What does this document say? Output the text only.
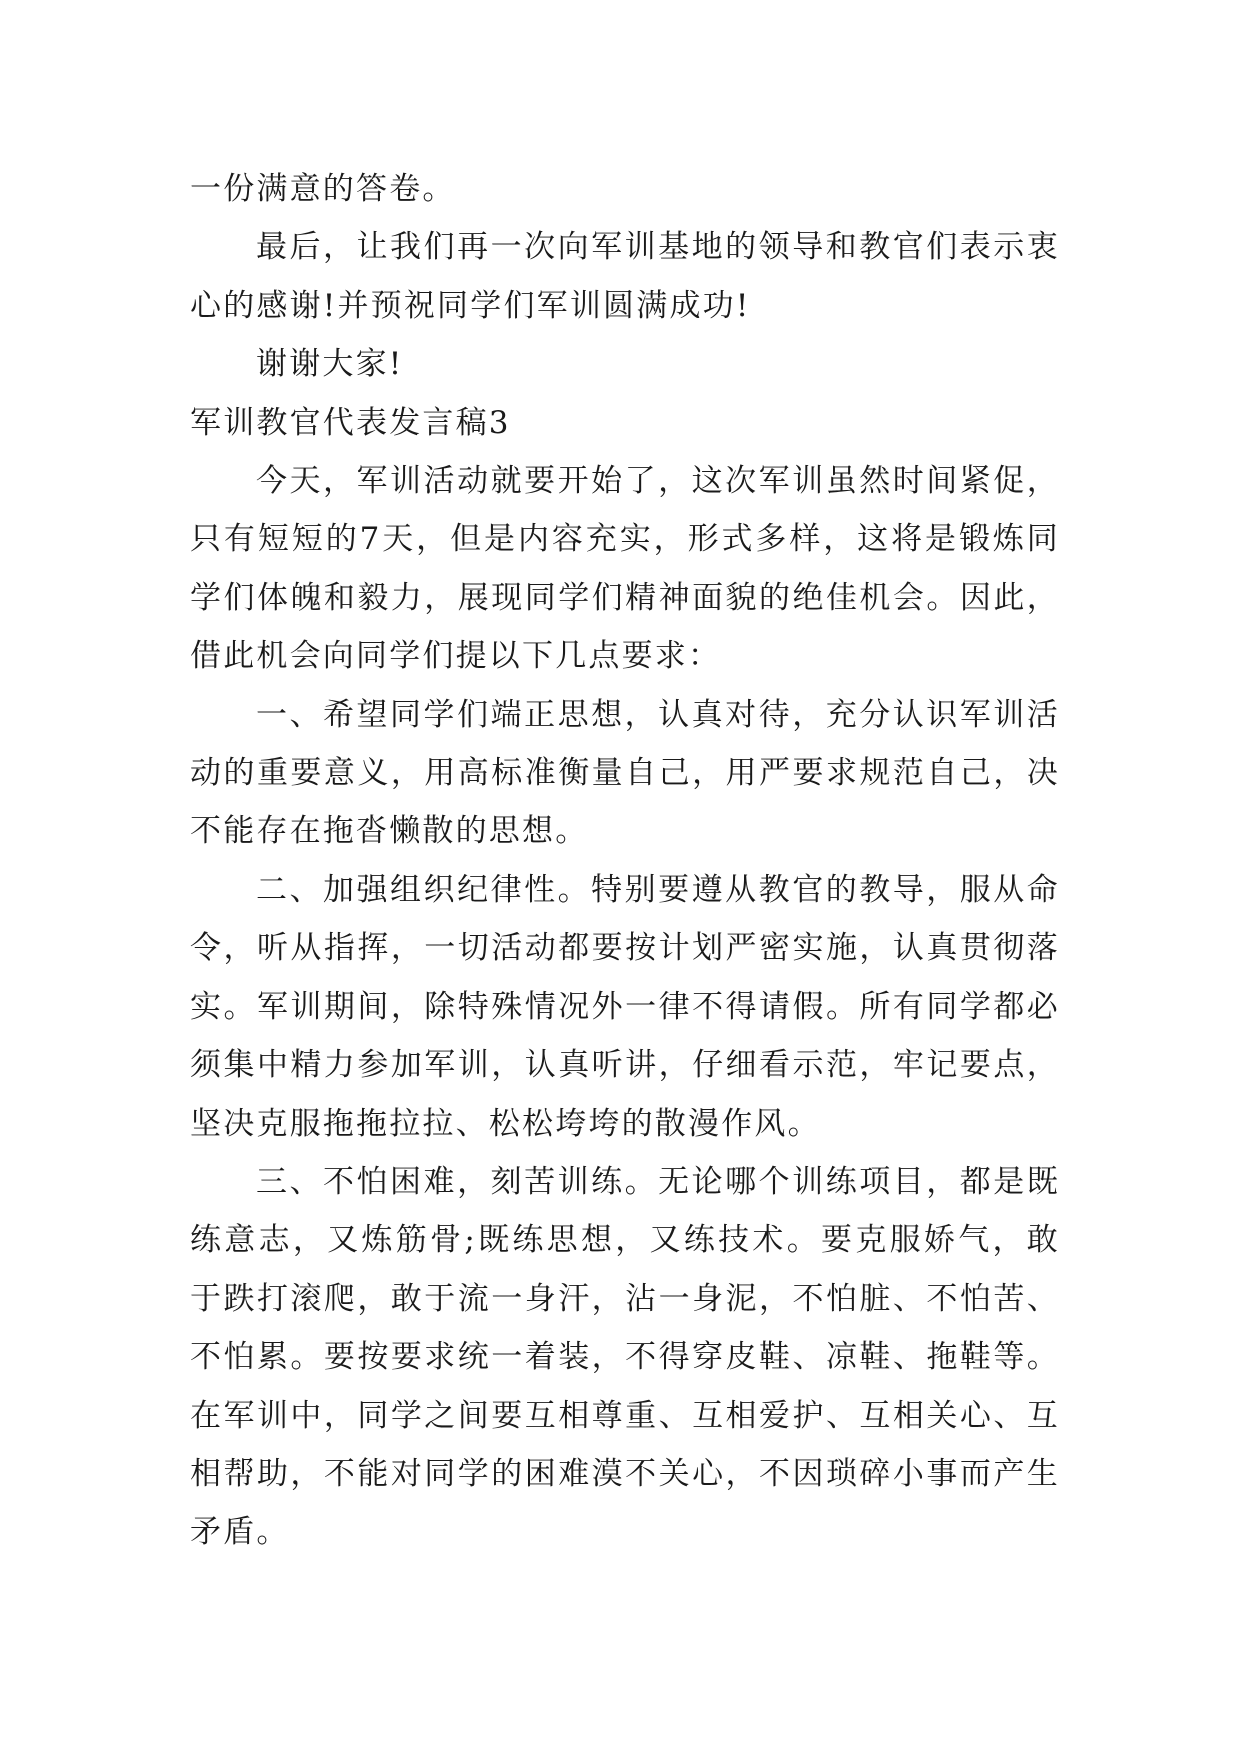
一份满意的答卷。

最后，让我们再一次向军训基地的领导和教官们表示衷心的感谢!并预祝同学们军训圆满成功!

谢谢大家!

军训教官代表发言稿3

今天，军训活动就要开始了，这次军训虽然时间紧促，只有短短的7天，但是内容充实，形式多样，这将是锻炼同学们体魄和毅力，展现同学们精神面貌的绝佳机会。因此，借此机会向同学们提以下几点要求：

一、希望同学们端正思想，认真对待，充分认识军训活动的重要意义，用高标准衡量自己，用严要求规范自己，决不能存在拖沓懒散的思想。

二、加强组织纪律性。特别要遵从教官的教导，服从命令，听从指挥，一切活动都要按计划严密实施，认真贯彻落实。军训期间，除特殊情况外一律不得请假。所有同学都必须集中精力参加军训，认真听讲，仔细看示范，牢记要点，坚决克服拖拖拉拉、松松垮垮的散漫作风。

三、不怕困难，刻苦训练。无论哪个训练项目，都是既练意志，又炼筋骨;既练思想，又练技术。要克服娇气，敢于跌打滚爬，敢于流一身汗，沾一身泥，不怕脏、不怕苦、不怕累。要按要求统一着装，不得穿皮鞋、凉鞋、拖鞋等。在军训中，同学之间要互相尊重、互相爱护、互相关心、互相帮助，不能对同学的困难漠不关心，不因琐碎小事而产生矛盾。
